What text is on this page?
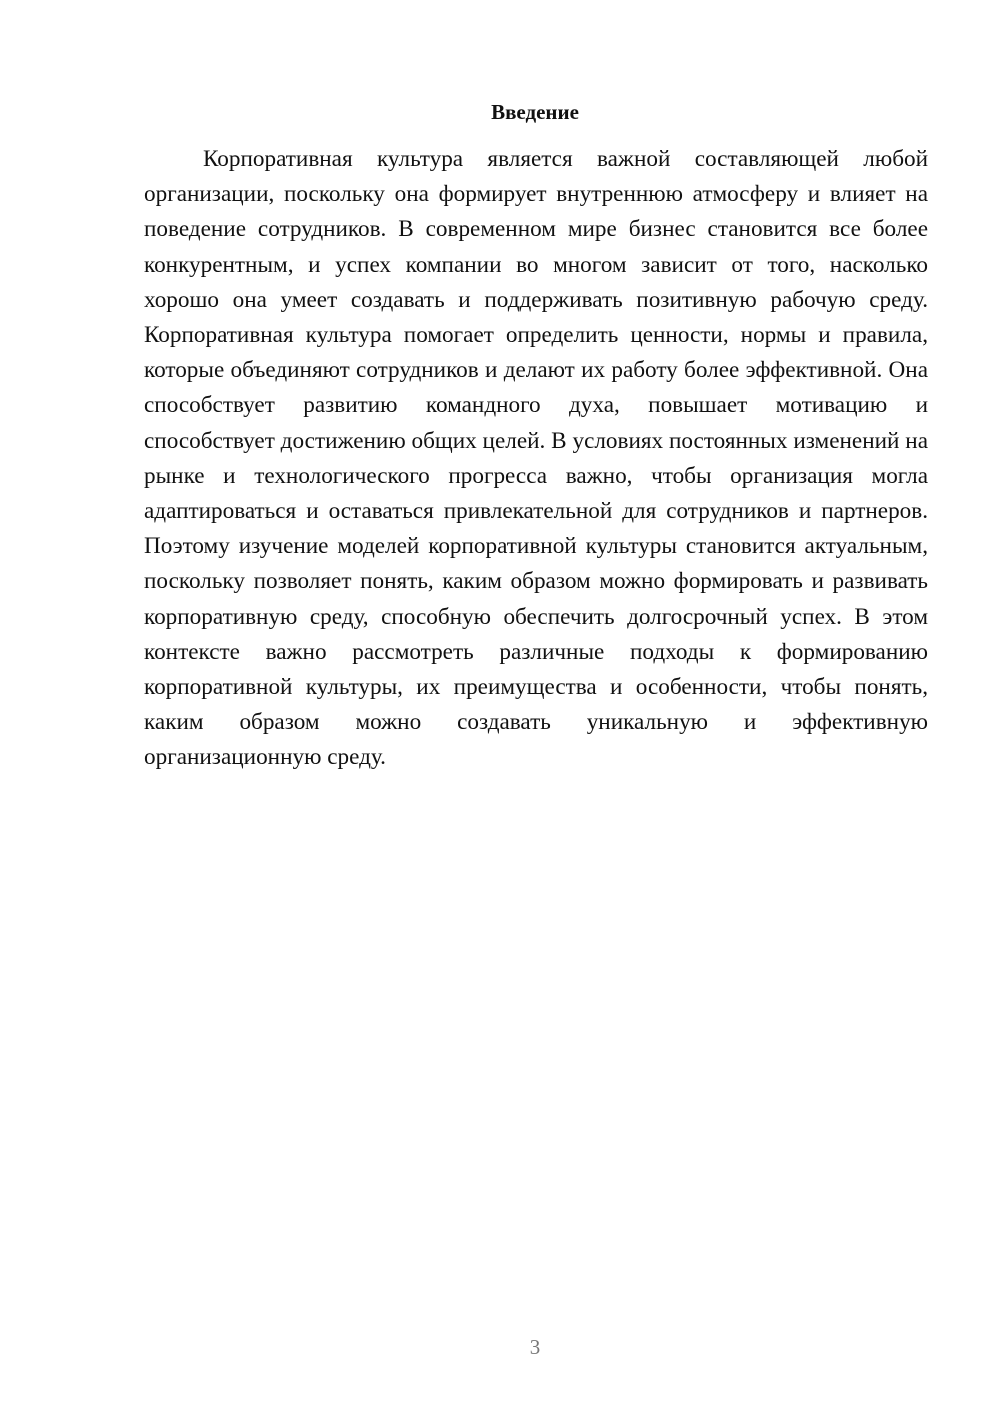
Введение

Корпоративная культура является важной составляющей любой организации, поскольку она формирует внутреннюю атмосферу и влияет на поведение сотрудников. В современном мире бизнес становится все более конкурентным, и успех компании во многом зависит от того, насколько хорошо она умеет создавать и поддерживать позитивную рабочую среду. Корпоративная культура помогает определить ценности, нормы и правила, которые объединяют сотрудников и делают их работу более эффективной. Она способствует развитию командного духа, повышает мотивацию и способствует достижению общих целей. В условиях постоянных изменений на рынке и технологического прогресса важно, чтобы организация могла адаптироваться и оставаться привлекательной для сотрудников и партнеров. Поэтому изучение моделей корпоративной культуры становится актуальным, поскольку позволяет понять, каким образом можно формировать и развивать корпоративную среду, способную обеспечить долгосрочный успех. В этом контексте важно рассмотреть различные подходы к формированию корпоративной культуры, их преимущества и особенности, чтобы понять, каким образом можно создавать уникальную и эффективную организационную среду.

3
